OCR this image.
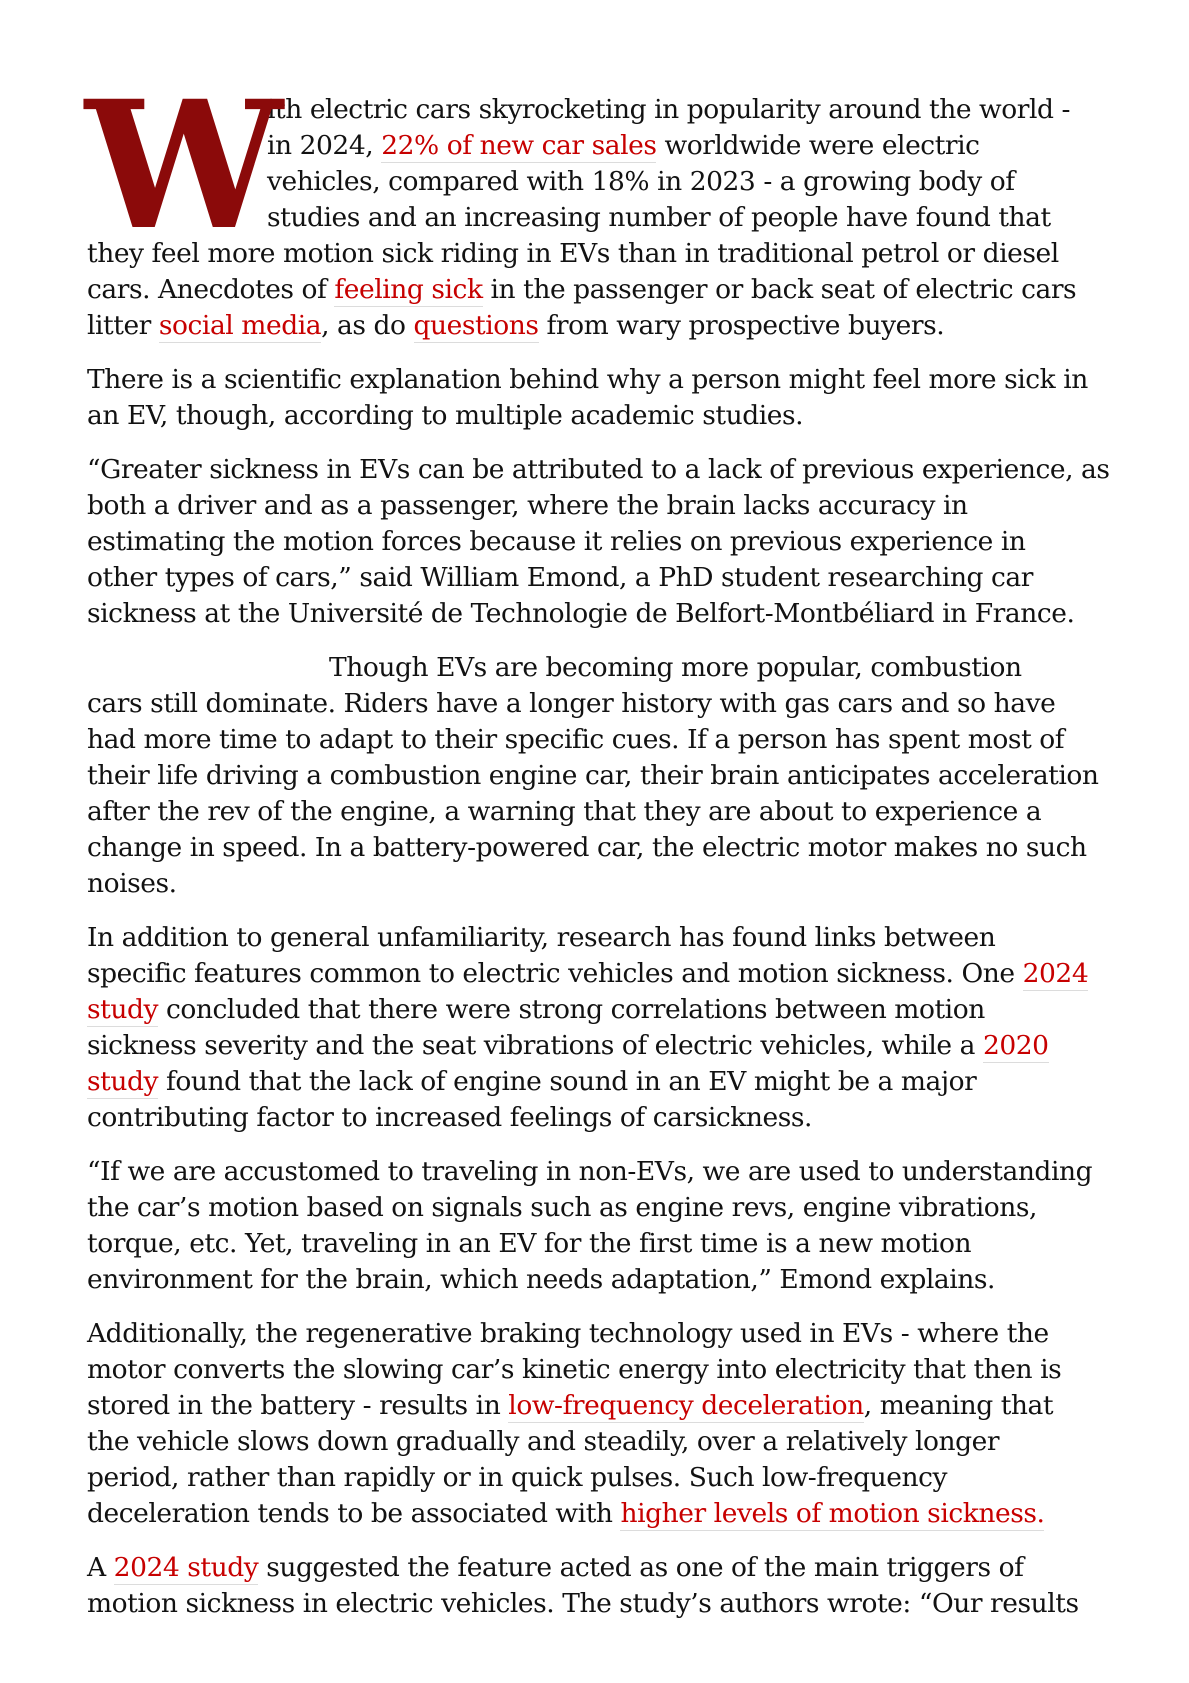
W
ith electric cars skyrocketing in popularity around the world -
in 2024, 22% of new car sales worldwide were electric
vehicles, compared with 18% in 2023 - a growing body of
studies and an increasing number of people have found that
they feel more motion sick riding in EVs than in traditional petrol or diesel
cars. Anecdotes of feeling sick in the passenger or back seat of electric cars
litter social media, as do questions from wary prospective buyers.

There is a scientific explanation behind why a person might feel more sick in
an EV, though, according to multiple academic studies.

“Greater sickness in EVs can be attributed to a lack of previous experience, as
both a driver and as a passenger, where the brain lacks accuracy in
estimating the motion forces because it relies on previous experience in
other types of cars,” said William Emond, a PhD student researching car
sickness at the Université de Technologie de Belfort-Montbéliard in France.

Though EVs are becoming more popular, combustion
cars still dominate. Riders have a longer history with gas cars and so have
had more time to adapt to their specific cues. If a person has spent most of
their life driving a combustion engine car, their brain anticipates acceleration
after the rev of the engine, a warning that they are about to experience a
change in speed. In a battery-powered car, the electric motor makes no such
noises.

In addition to general unfamiliarity, research has found links between
specific features common to electric vehicles and motion sickness. One 2024
study concluded that there were strong correlations between motion
sickness severity and the seat vibrations of electric vehicles, while a 2020
study found that the lack of engine sound in an EV might be a major
contributing factor to increased feelings of carsickness.

“If we are accustomed to traveling in non-EVs, we are used to understanding
the car’s motion based on signals such as engine revs, engine vibrations,
torque, etc. Yet, traveling in an EV for the first time is a new motion
environment for the brain, which needs adaptation,” Emond explains.

Additionally, the regenerative braking technology used in EVs - where the
motor converts the slowing car’s kinetic energy into electricity that then is
stored in the battery - results in low-frequency deceleration, meaning that
the vehicle slows down gradually and steadily, over a relatively longer
period, rather than rapidly or in quick pulses. Such low-frequency
deceleration tends to be associated with higher levels of motion sickness.

A 2024 study suggested the feature acted as one of the main triggers of
motion sickness in electric vehicles. The study’s authors wrote: “Our results
